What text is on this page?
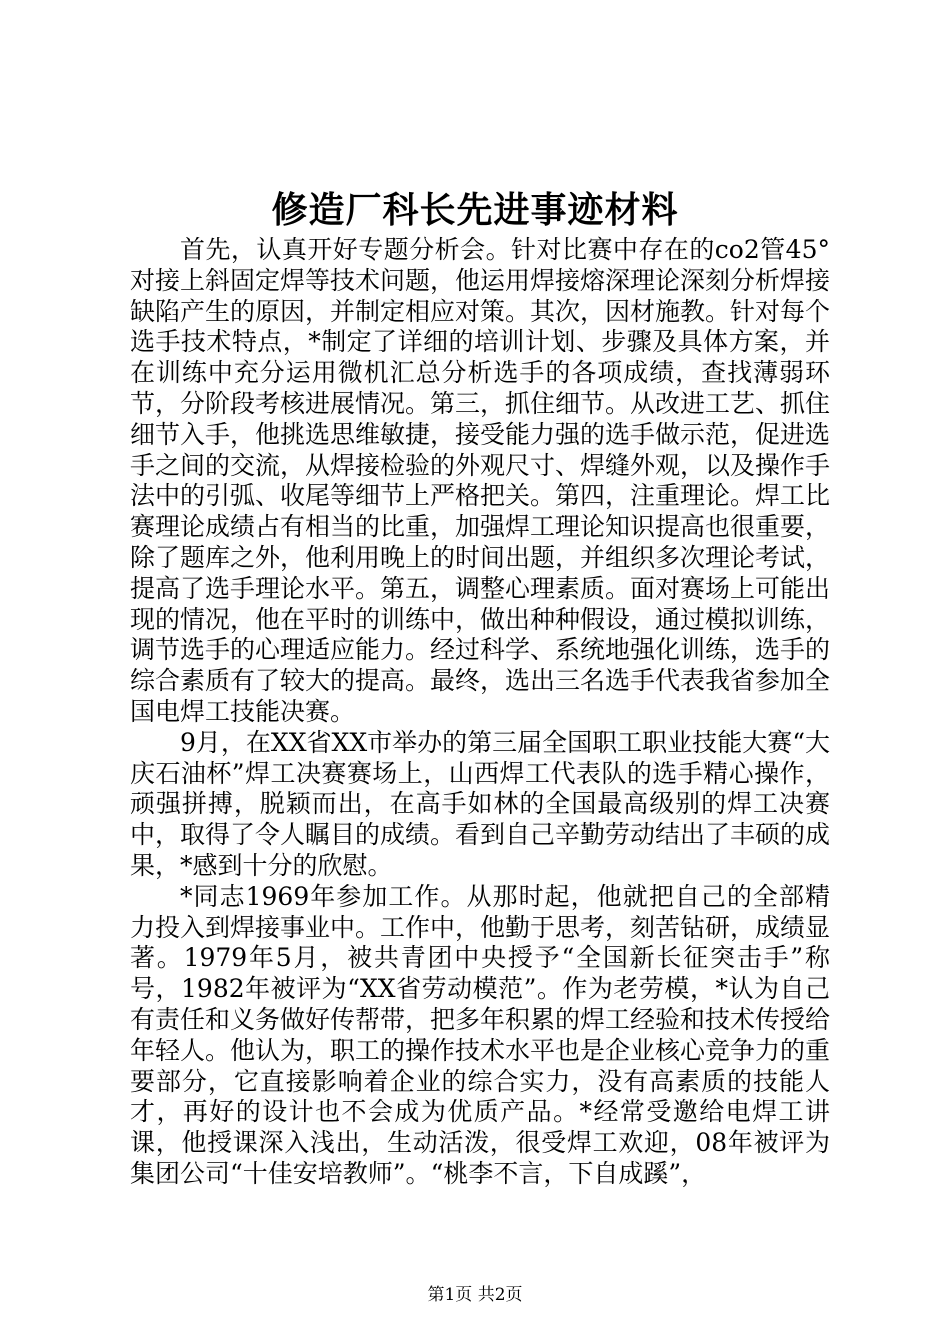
修造厂科长先进事迹材料

首先，认真开好专题分析会。针对比赛中存在的co2管45°对接上斜固定焊等技术问题，他运用焊接熔深理论深刻分析焊接缺陷产生的原因，并制定相应对策。其次，因材施教。针对每个选手技术特点，*制定了详细的培训计划、步骤及具体方案，并在训练中充分运用微机汇总分析选手的各项成绩，查找薄弱环节，分阶段考核进展情况。第三，抓住细节。从改进工艺、抓住细节入手，他挑选思维敏捷，接受能力强的选手做示范，促进选手之间的交流，从焊接检验的外观尺寸、焊缝外观，以及操作手法中的引弧、收尾等细节上严格把关。第四，注重理论。焊工比赛理论成绩占有相当的比重，加强焊工理论知识提高也很重要，除了题库之外，他利用晚上的时间出题，并组织多次理论考试，提高了选手理论水平。第五，调整心理素质。面对赛场上可能出现的情况，他在平时的训练中，做出种种假设，通过模拟训练，调节选手的心理适应能力。经过科学、系统地强化训练，选手的综合素质有了较大的提高。最终，选出三名选手代表我省参加全国电焊工技能决赛。

9月，在XX省XX市举办的第三届全国职工职业技能大赛“大庆石油杯”焊工决赛赛场上，山西焊工代表队的选手精心操作，顽强拼搏，脱颖而出，在高手如林的全国最高级别的焊工决赛中，取得了令人瞩目的成绩。看到自己辛勤劳动结出了丰硕的成果，*感到十分的欣慰。

*同志1969年参加工作。从那时起，他就把自己的全部精力投入到焊接事业中。工作中，他勤于思考，刻苦钻研，成绩显著。1979年5月，被共青团中央授予“全国新长征突击手”称号，1982年被评为“XX省劳动模范”。作为老劳模，*认为自己有责任和义务做好传帮带，把多年积累的焊工经验和技术传授给年轻人。他认为，职工的操作技术水平也是企业核心竞争力的重要部分，它直接影响着企业的综合实力，没有高素质的技能人才，再好的设计也不会成为优质产品。*经常受邀给电焊工讲课，他授课深入浅出，生动活泼，很受焊工欢迎，08年被评为集团公司“十佳安培教师”。“桃李不言，下自成蹊”，

第1页 共2页
